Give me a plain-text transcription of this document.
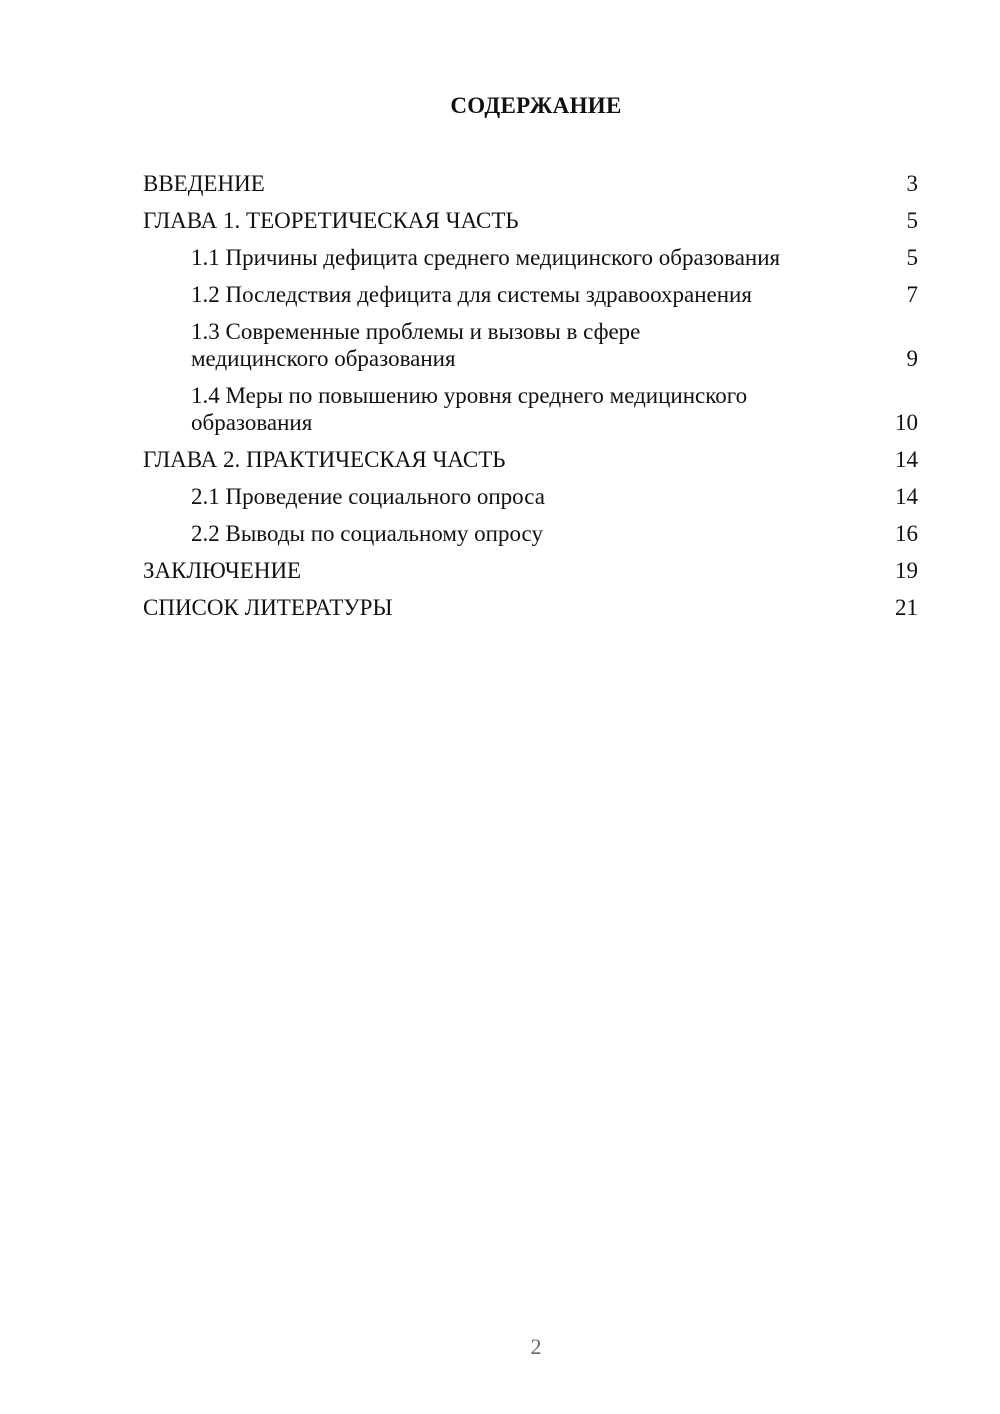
СОДЕРЖАНИЕ
ВВЕДЕНИЕ	3
ГЛАВА 1. ТЕОРЕТИЧЕСКАЯ ЧАСТЬ	5
1.1 Причины дефицита среднего медицинского образования	5
1.2 Последствия дефицита для системы здравоохранения	7
1.3 Современные проблемы и вызовы в сфере медицинского образования	9
1.4 Меры по повышению уровня среднего медицинского образования	10
ГЛАВА 2. ПРАКТИЧЕСКАЯ ЧАСТЬ	14
2.1 Проведение социального опроса	14
2.2 Выводы по социальному опросу	16
ЗАКЛЮЧЕНИЕ	19
СПИСОК ЛИТЕРАТУРЫ	21
2
